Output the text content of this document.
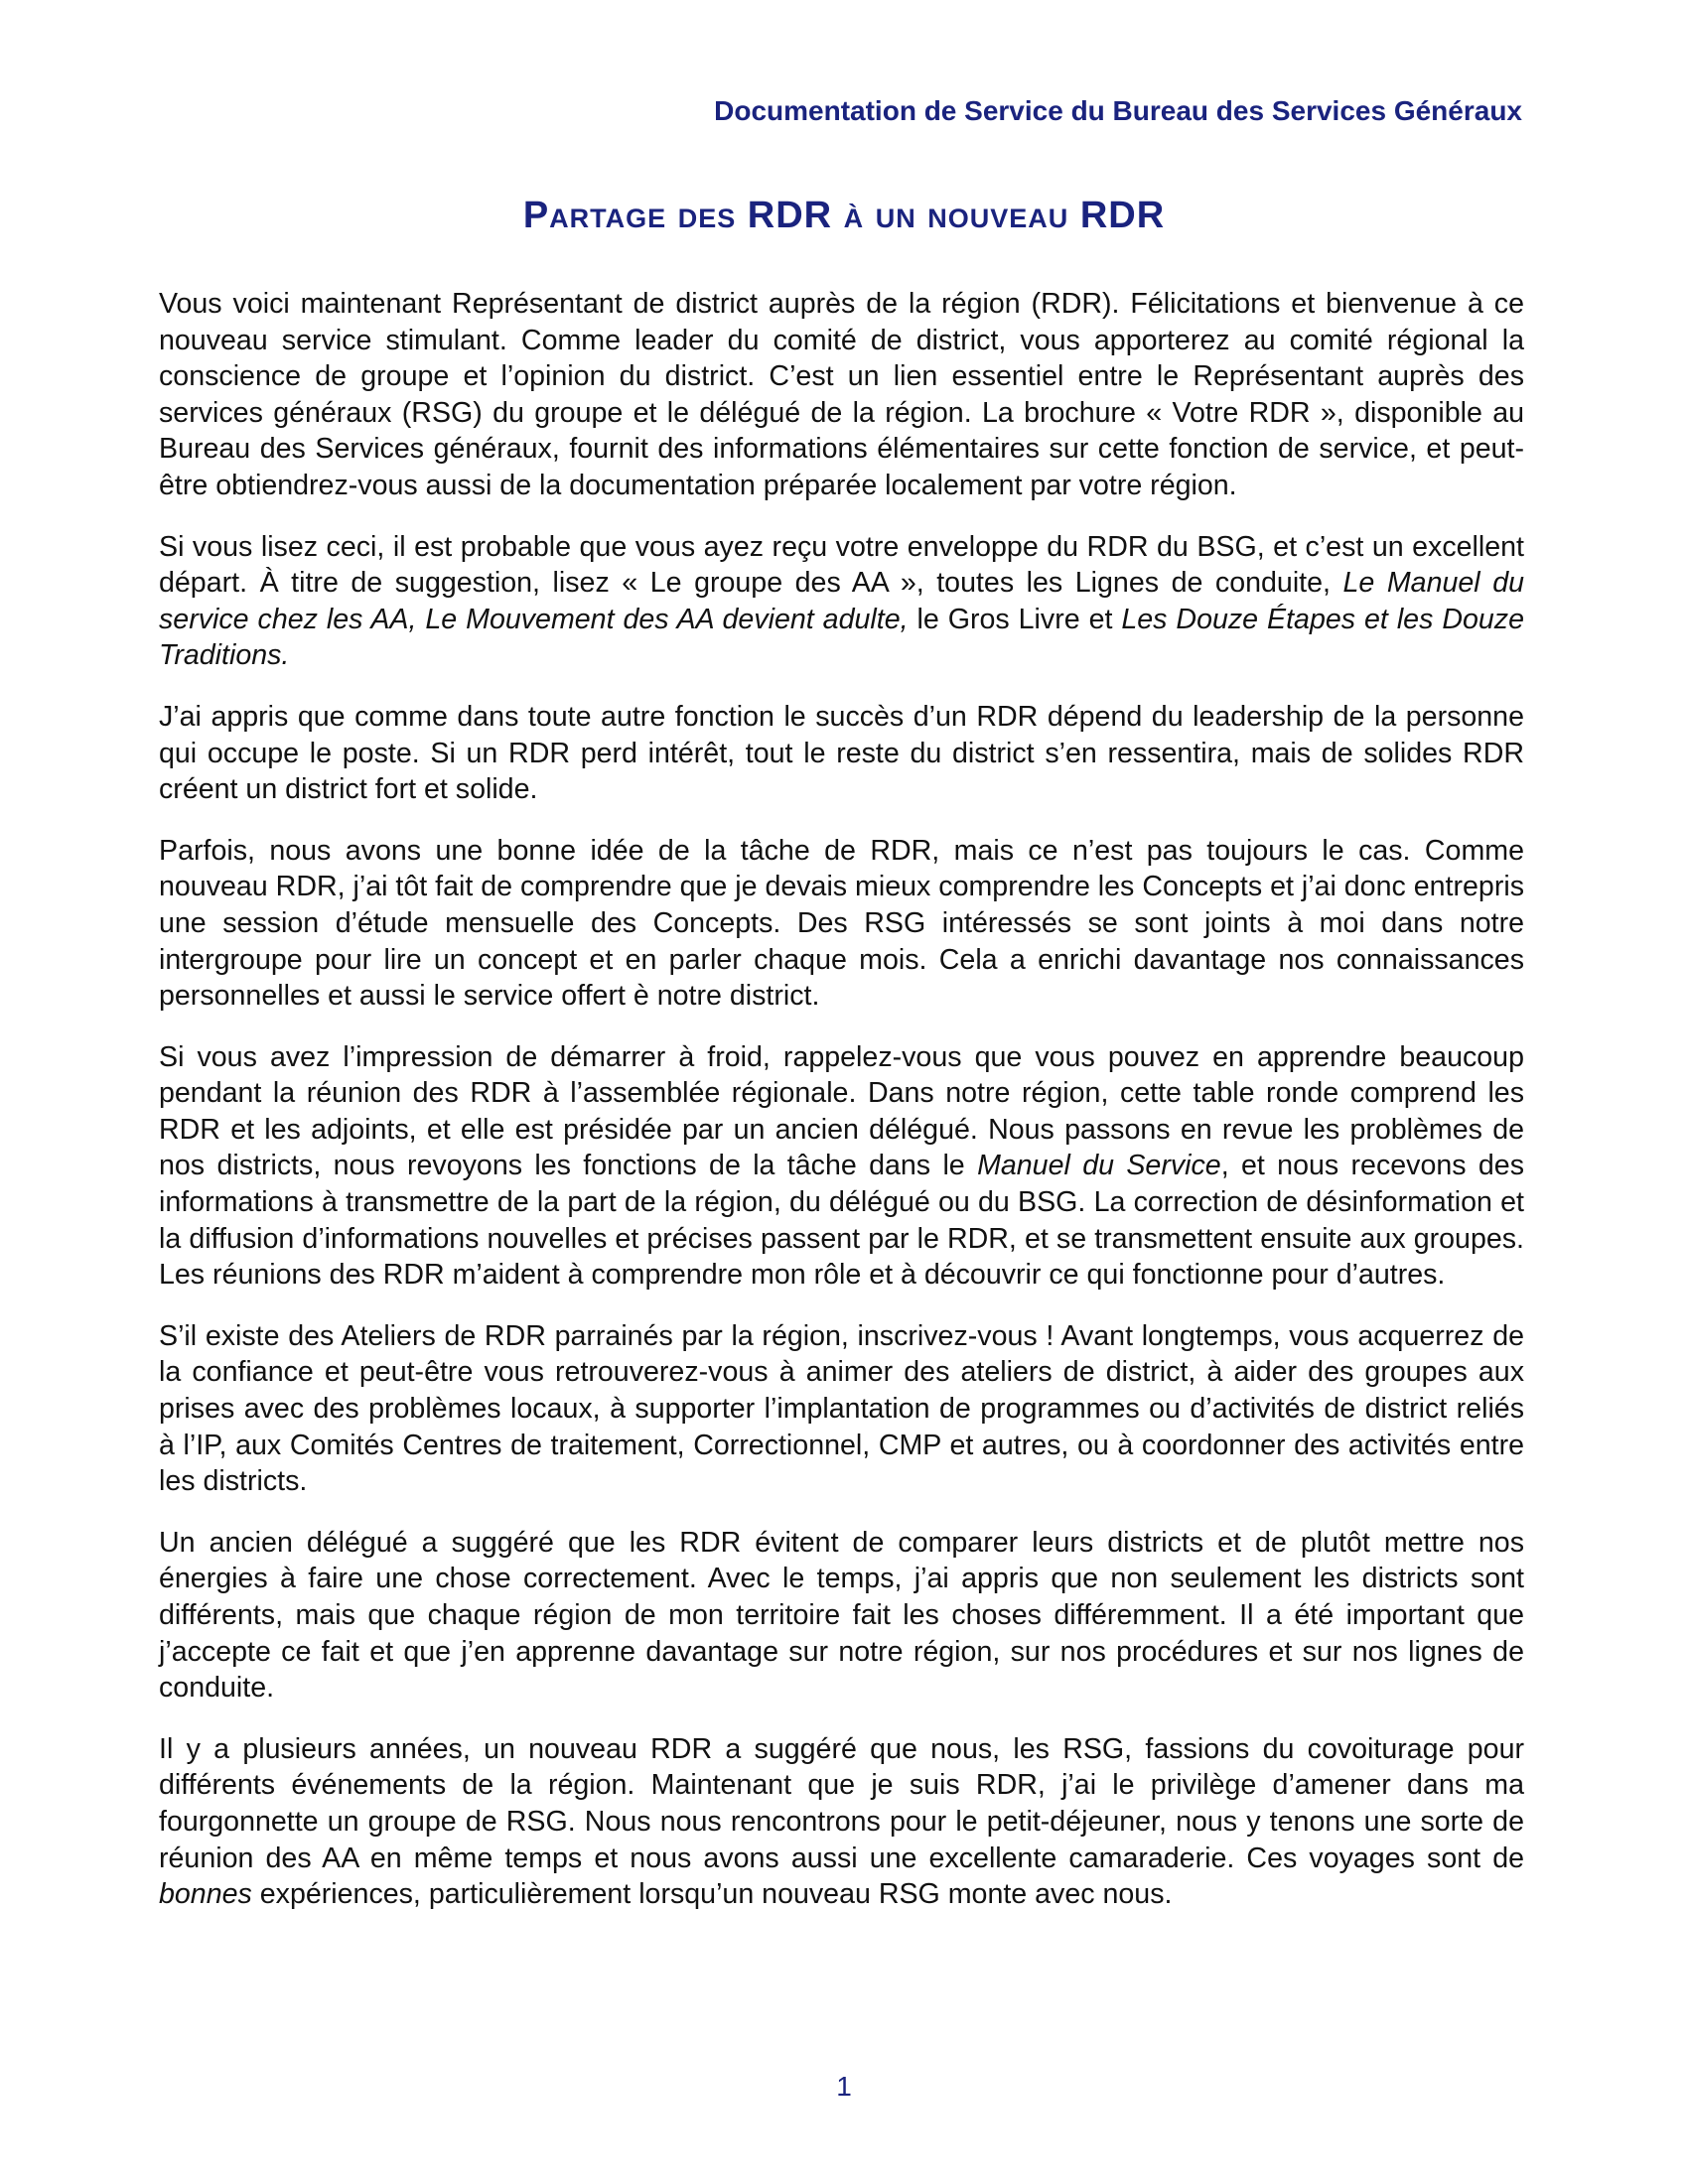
Documentation de Service du Bureau des Services Généraux
Partage des RDR à un nouveau RDR

Vous voici maintenant Représentant de district auprès de la région (RDR). Félicitations et bienvenue à ce nouveau service stimulant. Comme leader du comité de district, vous apporterez au comité régional la conscience de groupe et l’opinion du district. C’est un lien essentiel entre le Représentant auprès des services généraux (RSG) du groupe et le délégué de la région. La brochure « Votre RDR », disponible au Bureau des Services généraux, fournit des informations élémentaires sur cette fonction de service, et peut-être obtiendrez-vous aussi de la documentation préparée localement par votre région.

Si vous lisez ceci, il est probable que vous ayez reçu votre enveloppe du RDR du BSG, et c’est un excellent départ. À titre de suggestion, lisez « Le groupe des AA », toutes les Lignes de conduite, Le Manuel du service chez les AA, Le Mouvement des AA devient adulte, le Gros Livre et Les Douze Étapes et les Douze Traditions.

J’ai appris que comme dans toute autre fonction le succès d’un RDR dépend du leadership de la personne qui occupe le poste. Si un RDR perd intérêt, tout le reste du district s’en ressentira, mais de solides RDR créent un district fort et solide.

Parfois, nous avons une bonne idée de la tâche de RDR, mais ce n’est pas toujours le cas. Comme nouveau RDR, j’ai tôt fait de comprendre que je devais mieux comprendre les Concepts et j’ai donc entrepris une session d’étude mensuelle des Concepts. Des RSG intéressés se sont joints à moi dans notre intergroupe pour lire un concept et en parler chaque mois. Cela a enrichi davantage nos connaissances personnelles et aussi le service offert è notre district.

Si vous avez l’impression de démarrer à froid, rappelez-vous que vous pouvez en apprendre beaucoup pendant la réunion des RDR à l’assemblée régionale. Dans notre région, cette table ronde comprend les RDR et les adjoints, et elle est présidée par un ancien délégué. Nous passons en revue les problèmes de nos districts, nous revoyons les fonctions de la tâche dans le Manuel du Service, et nous recevons des informations à transmettre de la part de la région, du délégué ou du BSG. La correction de désinformation et la diffusion d’informations nouvelles et précises passent par le RDR, et se transmettent ensuite aux groupes. Les réunions des RDR m’aident à comprendre mon rôle et à découvrir ce qui fonctionne pour d’autres.

S’il existe des Ateliers de RDR parrainés par la région, inscrivez-vous ! Avant longtemps, vous acquerrez de la confiance et peut-être vous retrouverez-vous à animer des ateliers de district, à aider des groupes aux prises avec des problèmes locaux, à supporter l’implantation de programmes ou d’activités de district reliés à l’IP, aux Comités Centres de traitement, Correctionnel, CMP et autres, ou à coordonner des activités entre les districts.

Un ancien délégué a suggéré que les RDR évitent de comparer leurs districts et de plutôt mettre nos énergies à faire une chose correctement. Avec le temps, j’ai appris que non seulement les districts sont différents, mais que chaque région de mon territoire fait les choses différemment. Il a été important que j’accepte ce fait et que j’en apprenne davantage sur notre région, sur nos procédures et sur nos lignes de conduite.

Il y a plusieurs années, un nouveau RDR a suggéré que nous, les RSG, fassions du covoiturage pour différents événements de la région. Maintenant que je suis RDR, j’ai le privilège d’amener dans ma fourgonnette un groupe de RSG. Nous nous rencontrons pour le petit-déjeuner, nous y tenons une sorte de réunion des AA en même temps et nous avons aussi une excellente camaraderie. Ces voyages sont de bonnes expériences, particulièrement lorsqu’un nouveau RSG monte avec nous.

1
